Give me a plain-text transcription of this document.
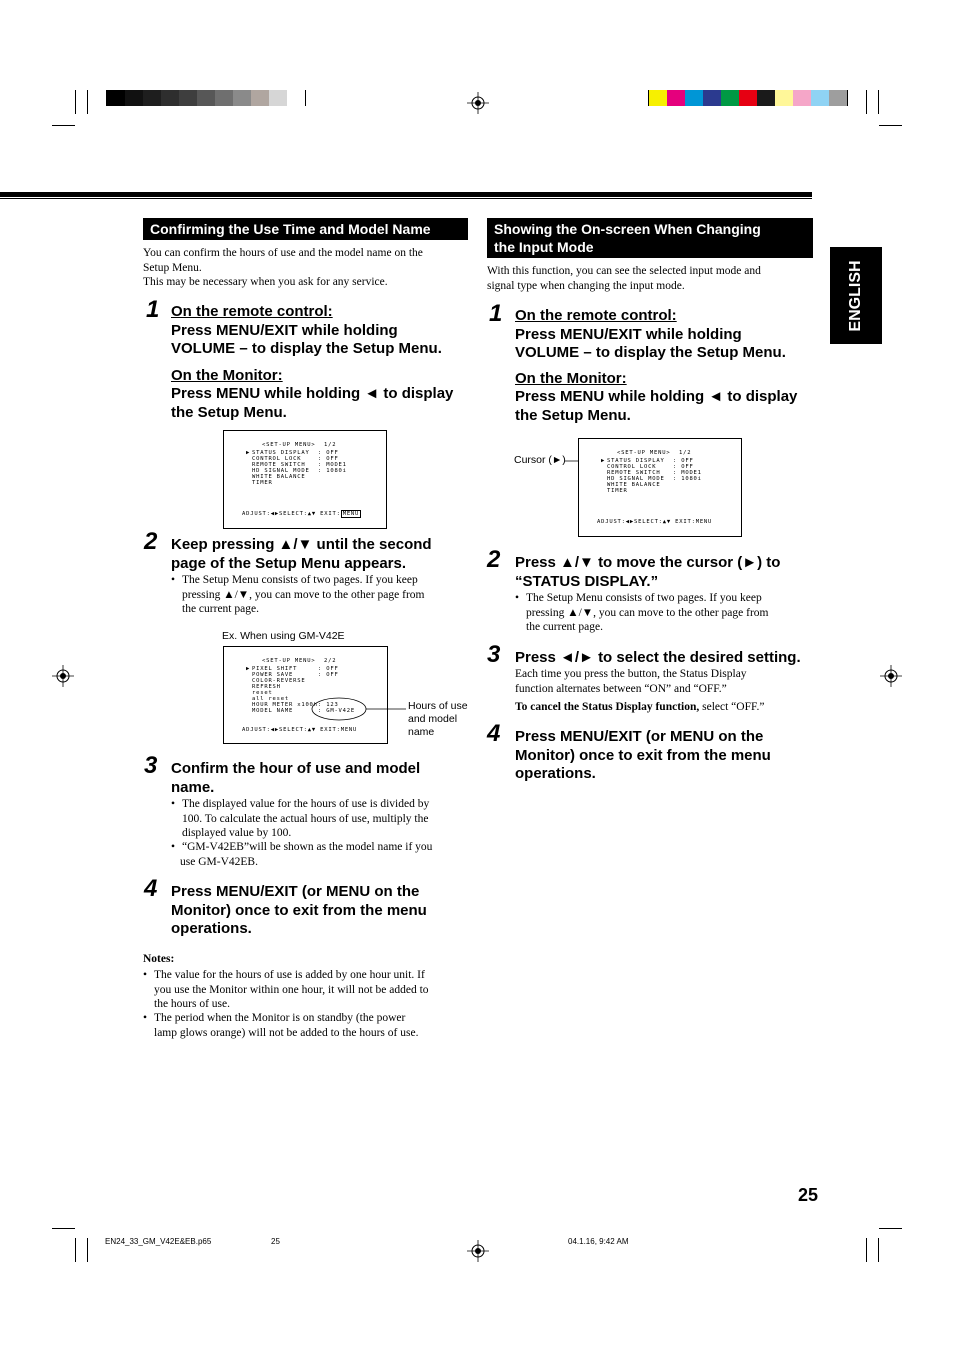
ENGLISH
Confirming the Use Time and Model Name
You can confirm the hours of use and the model name on the
Setup Menu.
This may be necessary when you ask for any service.
1 On the remote control:
Press MENU/EXIT while holding
VOLUME – to display the Setup Menu.
On the Monitor:
Press MENU while holding ◄ to display
the Setup Menu.
<SET-UP MENU> 1/2
▶ STATUS DISPLAY : OFF
CONTROL LOCK	: OFF
REMOTE SWITCH : MODE1
HD SIGNAL MODE : 1080i
WHITE BALANCE
TIMER
ADJUST:◀▶SELECT:▲▼ EXIT: MENU
2 Keep pressing ▲/▼ until the second
page of the Setup Menu appears.
• The Setup Menu consists of two pages. If you keep
pressing ▲/▼, you can move to the other page from
the current page.
Ex. When using GM-V42E
<SET-UP MENU> 2/2
▶ PIXEL SHIFT	: OFF
POWER SAVE	: OFF
COLOR-REVERSE
REFRESH
reset
all reset
HOUR METER x100h: 123
MODEL NAME	: GM-V42E
ADJUST:◀▶SELECT:▲▼ EXIT:MENU
Hours of use
and model
name
3 Confirm the hour of use and model
name.
• The displayed value for the hours of use is divided by
100. To calculate the actual hours of use, multiply the
displayed value by 100.
• “GM-V42EB”will be shown as the model name if you
use GM-V42EB.
4 Press MENU/EXIT (or MENU on the
Monitor) once to exit from the menu
operations.
Notes:
• The value for the hours of use is added by one hour unit. If
you use the Monitor within one hour, it will not be added to
the hours of use.
• The period when the Monitor is on standby (the power
lamp glows orange) will not be added to the hours of use.
Showing the On-screen When Changing
the Input Mode
With this function, you can see the selected input mode and
signal type when changing the input mode.
1 On the remote control:
Press MENU/EXIT while holding
VOLUME – to display the Setup Menu.
On the Monitor:
Press MENU while holding ◄ to display
the Setup Menu.
Cursor (►)
<SET-UP MENU> 1/2
▶ STATUS DISPLAY : OFF
CONTROL LOCK	: OFF
REMOTE SWITCH : MODE1
HD SIGNAL MODE : 1080i
WHITE BALANCE
TIMER
ADJUST:◀▶SELECT:▲▼ EXIT:MENU
2 Press ▲/▼ to move the cursor (►) to
“STATUS DISPLAY.”
• The Setup Menu consists of two pages. If you keep
pressing ▲/▼, you can move to the other page from
the current page.
3 Press ◄/► to select the desired setting.
Each time you press the button, the Status Display
function alternates between “ON” and “OFF.”
To cancel the Status Display function, select “OFF.”
4 Press MENU/EXIT (or MENU on the
Monitor) once to exit from the menu
operations.
25
EN24_33_GM_V42E&EB.p65	25	04.1.16, 9:42 AM
